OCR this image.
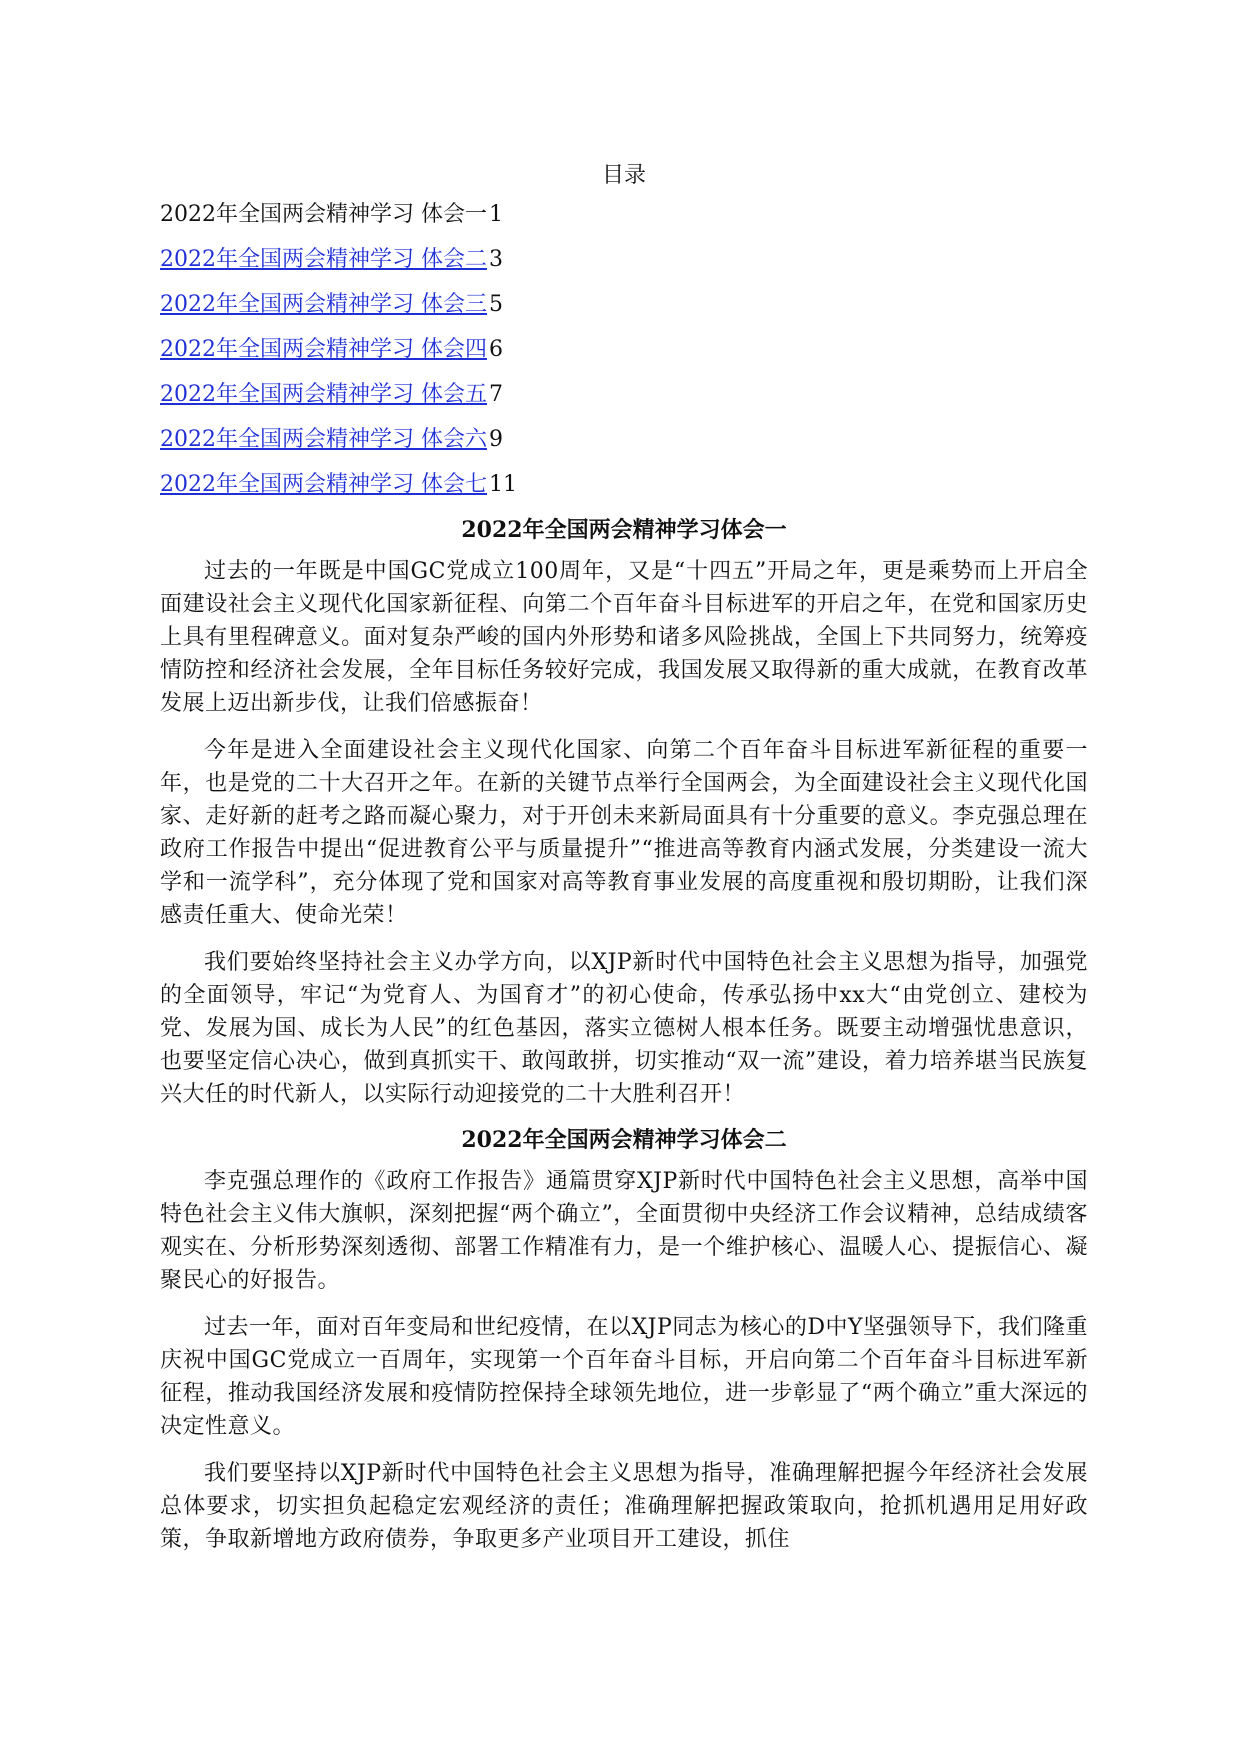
目录
2022年全国两会精神学习 体会一1
2022年全国两会精神学习 体会二3
2022年全国两会精神学习 体会三5
2022年全国两会精神学习 体会四6
2022年全国两会精神学习 体会五7
2022年全国两会精神学习 体会六9
2022年全国两会精神学习 体会七11
2022年全国两会精神学习体会一

过去的一年既是中国GC党成立100周年，又是“十四五”开局之年，更是乘势而上开启全面建设社会主义现代化国家新征程、向第二个百年奋斗目标进军的开启之年，在党和国家历史上具有里程碑意义。面对复杂严峻的国内外形势和诸多风险挑战，全国上下共同努力，统筹疫情防控和经济社会发展，全年目标任务较好完成，我国发展又取得新的重大成就，在教育改革发展上迈出新步伐，让我们倍感振奋！

今年是进入全面建设社会主义现代化国家、向第二个百年奋斗目标进军新征程的重要一年，也是党的二十大召开之年。在新的关键节点举行全国两会，为全面建设社会主义现代化国家、走好新的赶考之路而凝心聚力，对于开创未来新局面具有十分重要的意义。李克强总理在政府工作报告中提出“促进教育公平与质量提升”“推进高等教育内涵式发展，分类建设一流大学和一流学科”，充分体现了党和国家对高等教育事业发展的高度重视和殷切期盼，让我们深感责任重大、使命光荣！

我们要始终坚持社会主义办学方向，以XJP新时代中国特色社会主义思想为指导，加强党的全面领导，牢记“为党育人、为国育才”的初心使命，传承弘扬中xx大“由党创立、建校为党、发展为国、成长为人民”的红色基因，落实立德树人根本任务。既要主动增强忧患意识，也要坚定信心决心，做到真抓实干、敢闯敢拼，切实推动“双一流”建设，着力培养堪当民族复兴大任的时代新人，以实际行动迎接党的二十大胜利召开！

2022年全国两会精神学习体会二

李克强总理作的《政府工作报告》通篇贯穿XJP新时代中国特色社会主义思想，高举中国特色社会主义伟大旗帜，深刻把握“两个确立”，全面贯彻中央经济工作会议精神，总结成绩客观实在、分析形势深刻透彻、部署工作精准有力，是一个维护核心、温暖人心、提振信心、凝聚民心的好报告。

过去一年，面对百年变局和世纪疫情，在以XJP同志为核心的D中Y坚强领导下，我们隆重庆祝中国GC党成立一百周年，实现第一个百年奋斗目标，开启向第二个百年奋斗目标进军新征程，推动我国经济发展和疫情防控保持全球领先地位，进一步彰显了“两个确立”重大深远的决定性意义。

我们要坚持以XJP新时代中国特色社会主义思想为指导，准确理解把握今年经济社会发展总体要求，切实担负起稳定宏观经济的责任；准确理解把握政策取向，抢抓机遇用足用好政策，争取新增地方政府债券，争取更多产业项目开工建设，抓住
